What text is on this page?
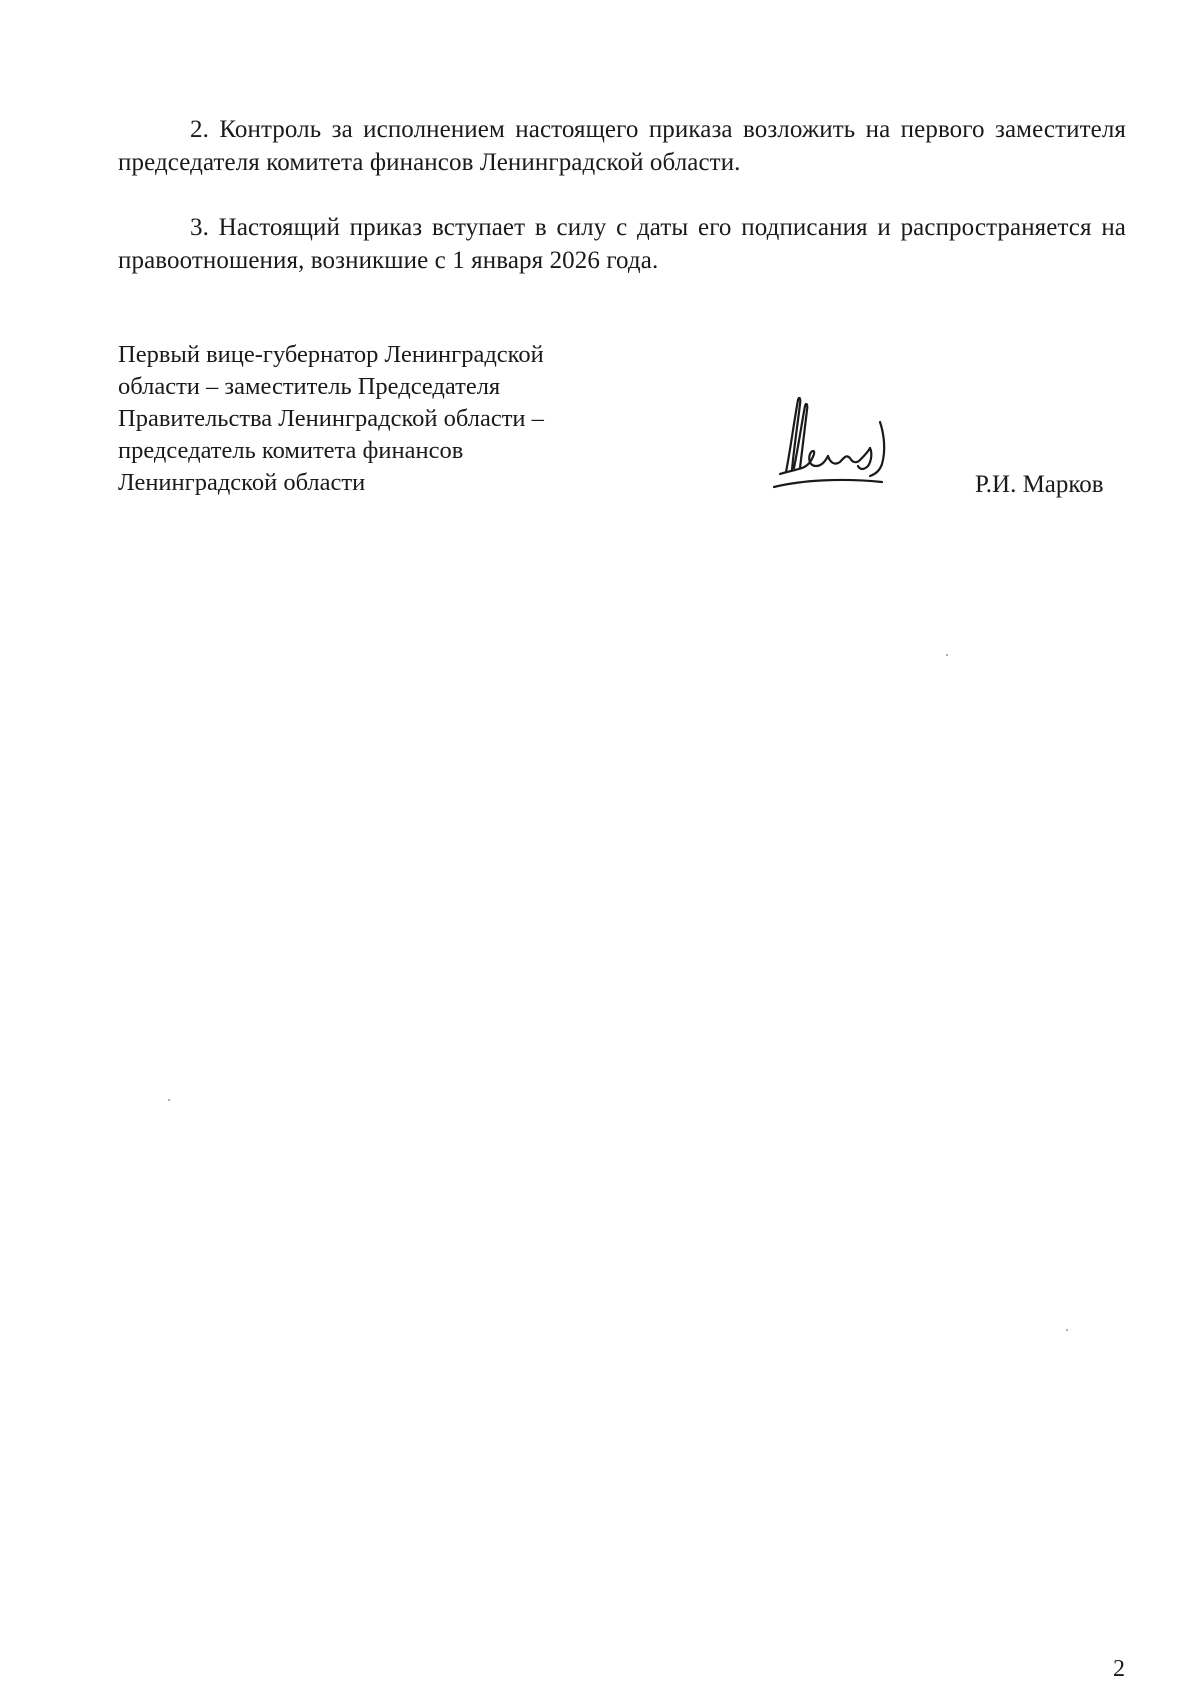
2. Контроль за исполнением настоящего приказа возложить на первого заместителя председателя комитета финансов Ленинградской области.

3. Настоящий приказ вступает в силу с даты его подписания и распространяется на правоотношения, возникшие с 1 января 2026 года.

Первый вице-губернатор Ленинградской
области – заместитель Председателя
Правительства Ленинградской области –
председатель комитета финансов
Ленинградской области	Р.И. Марков
2
